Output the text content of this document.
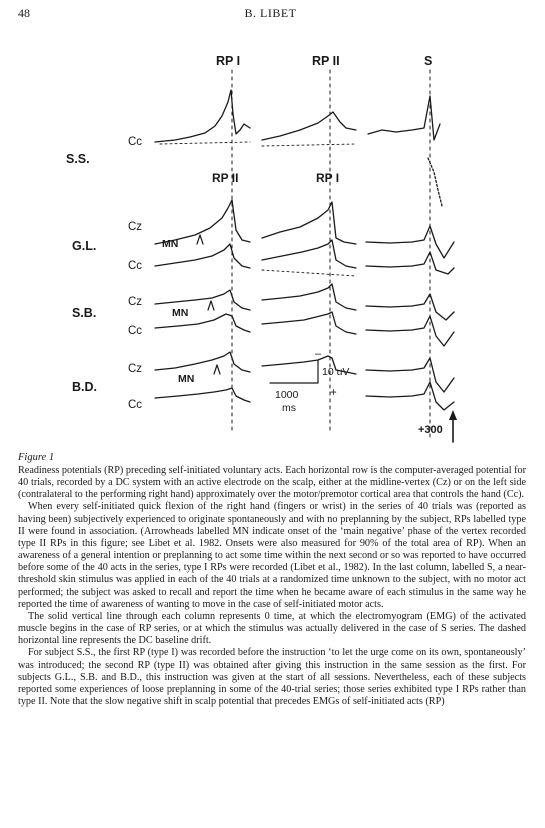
48	B. LIBET
RP I	RP II	S
RP II	RP I
S.S.
G.L.
S.B.
B.D.
Cc
Cz
Cc
Cz
Cc
Cz
Cc
MN
MN
MN
–
10 uV
1000
ms
+
+300
Figure 1

Readiness potentials (RP) preceding self-initiated voluntary acts. Each horizontal row is the computer-averaged potential for 40 trials, recorded by a DC system with an active electrode on the scalp, either at the midline-vertex (Cz) or on the left side (contralateral to the performing right hand) approximately over the motor/premotor cortical area that controls the hand (Cc).

When every self-initiated quick flexion of the right hand (fingers or wrist) in the series of 40 trials was (reported as having been) subjectively experienced to originate spontaneously and with no preplanning by the subject, RPs labelled type II were found in association. (Arrowheads labelled MN indicate onset of the ‘main negative’ phase of the vertex recorded type II RPs in this figure; see Libet et al. 1982. Onsets were also measured for 90% of the total area of RP). When an awareness of a general intention or preplanning to act some time within the next second or so was reported to have occurred before some of the 40 acts in the series, type I RPs were recorded (Libet et al., 1982). In the last column, labelled S, a near-threshold skin stimulus was applied in each of the 40 trials at a randomized time unknown to the subject, with no motor act performed; the subject was asked to recall and report the time when he became aware of each stimulus in the same way he reported the time of awareness of wanting to move in the case of self-initiated motor acts.

The solid vertical line through each column represents 0 time, at which the electromyogram (EMG) of the activated muscle begins in the case of RP series, or at which the stimulus was actually delivered in the case of S series. The dashed horizontal line represents the DC baseline drift.

For subject S.S., the first RP (type I) was recorded before the instruction ‘to let the urge come on its own, spontaneously’ was introduced; the second RP (type II) was obtained after giving this instruction in the same session as the first. For subjects G.L., S.B. and B.D., this instruction was given at the start of all sessions. Nevertheless, each of these subjects reported some experiences of loose preplanning in some of the 40-trial series; those series exhibited type I RPs rather than type II. Note that the slow negative shift in scalp potential that precedes EMGs of self-initiated acts (RP)
